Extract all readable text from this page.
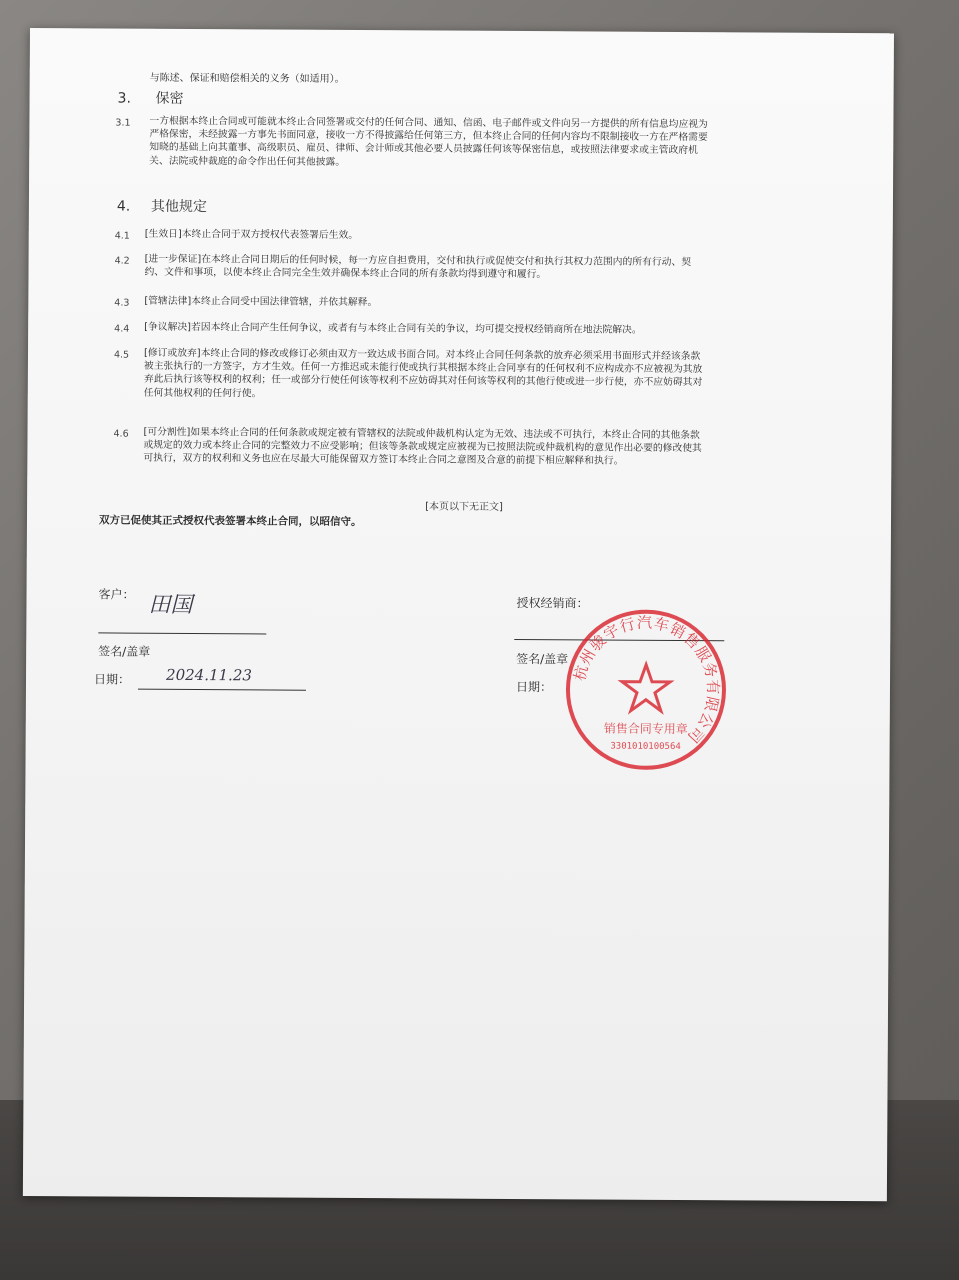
与陈述、保证和赔偿相关的义务（如适用）。
3. 保密
3.1 一方根据本终止合同或可能就本终止合同签署或交付的任何合同、通知、信函、电子邮件或文件向另一方提供的所有信息均应视为
严格保密，未经披露一方事先书面同意，接收一方不得披露给任何第三方，但本终止合同的任何内容均不限制接收一方在严格需要
知晓的基础上向其董事、高级职员、雇员、律师、会计师或其他必要人员披露任何该等保密信息，或按照法律要求或主管政府机
关、法院或仲裁庭的命令作出任何其他披露。
4. 其他规定
4.1 [生效日]本终止合同于双方授权代表签署后生效。
4.2 [进一步保证]在本终止合同日期后的任何时候，每一方应自担费用，交付和执行或促使交付和执行其权力范围内的所有行动、契
约、文件和事项，以使本终止合同完全生效并确保本终止合同的所有条款均得到遵守和履行。
4.3 [管辖法律]本终止合同受中国法律管辖，并依其解释。
4.4 [争议解决]若因本终止合同产生任何争议，或者有与本终止合同有关的争议，均可提交授权经销商所在地法院解决。
4.5 [修订或放弃]本终止合同的修改或修订必须由双方一致达成书面合同。对本终止合同任何条款的放弃必须采用书面形式并经该条款
被主张执行的一方签字，方才生效。任何一方推迟或未能行使或执行其根据本终止合同享有的任何权利不应构成亦不应被视为其放
弃此后执行该等权利的权利；任一或部分行使任何该等权利不应妨碍其对任何该等权利的其他行使或进一步行使，亦不应妨碍其对
任何其他权利的任何行使。
4.6 [可分割性]如果本终止合同的任何条款或规定被有管辖权的法院或仲裁机构认定为无效、违法或不可执行，本终止合同的其他条款
或规定的效力或本终止合同的完整效力不应受影响；但该等条款或规定应被视为已按照法院或仲裁机构的意见作出必要的修改使其
可执行，双方的权利和义务也应在尽最大可能保留双方签订本终止合同之意图及合意的前提下相应解释和执行。
[本页以下无正文]
双方已促使其正式授权代表签署本终止合同，以昭信守。
客户： 田国
签名/盖章
日期： 2024.11.23
授权经销商：
签名/盖章
日期：
杭州骏宇行汽车销售服务有限公司
销售合同专用章
3301010100564
